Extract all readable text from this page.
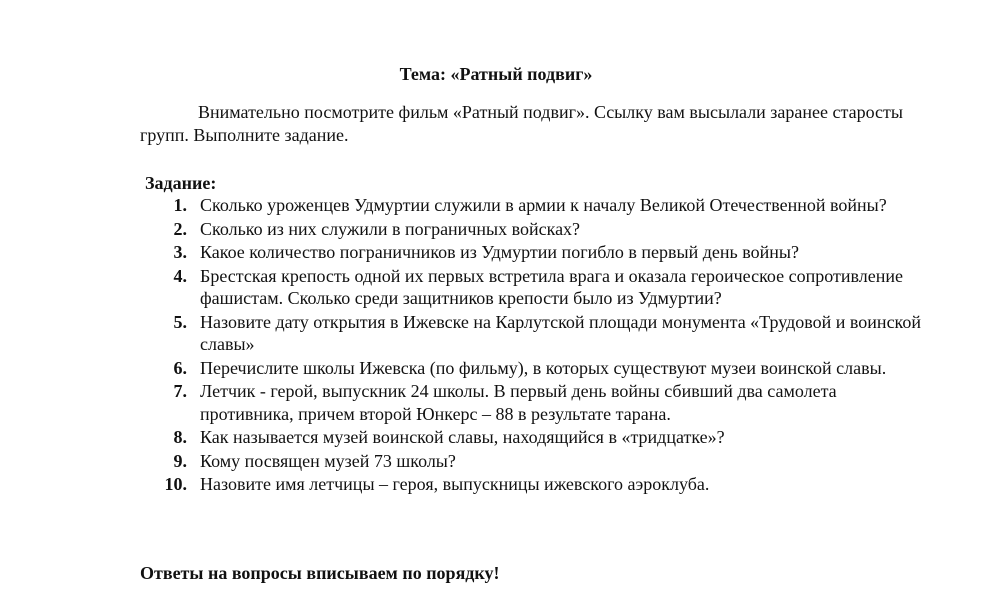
Тема: «Ратный подвиг»
Внимательно посмотрите фильм «Ратный подвиг». Ссылку вам высылали заранее старосты групп. Выполните задание.
Задание:
1. Сколько уроженцев Удмуртии служили в армии к началу Великой Отечественной войны?
2. Сколько из них служили в пограничных войсках?
3. Какое количество пограничников из Удмуртии погибло в первый день войны?
4. Брестская крепость одной их первых встретила врага и оказала героическое сопротивление фашистам. Сколько среди защитников крепости было из Удмуртии?
5. Назовите дату открытия в Ижевске на Карлутской площади монумента «Трудовой и воинской славы»
6. Перечислите школы Ижевска (по фильму), в которых существуют музеи воинской славы.
7. Летчик - герой, выпускник 24 школы. В первый день войны сбивший два самолета противника, причем второй Юнкерс – 88 в результате тарана.
8. Как называется музей воинской славы, находящийся в «тридцатке»?
9. Кому посвящен музей 73 школы?
10. Назовите имя летчицы – героя, выпускницы ижевского аэроклуба.
Ответы на вопросы вписываем по порядку!
